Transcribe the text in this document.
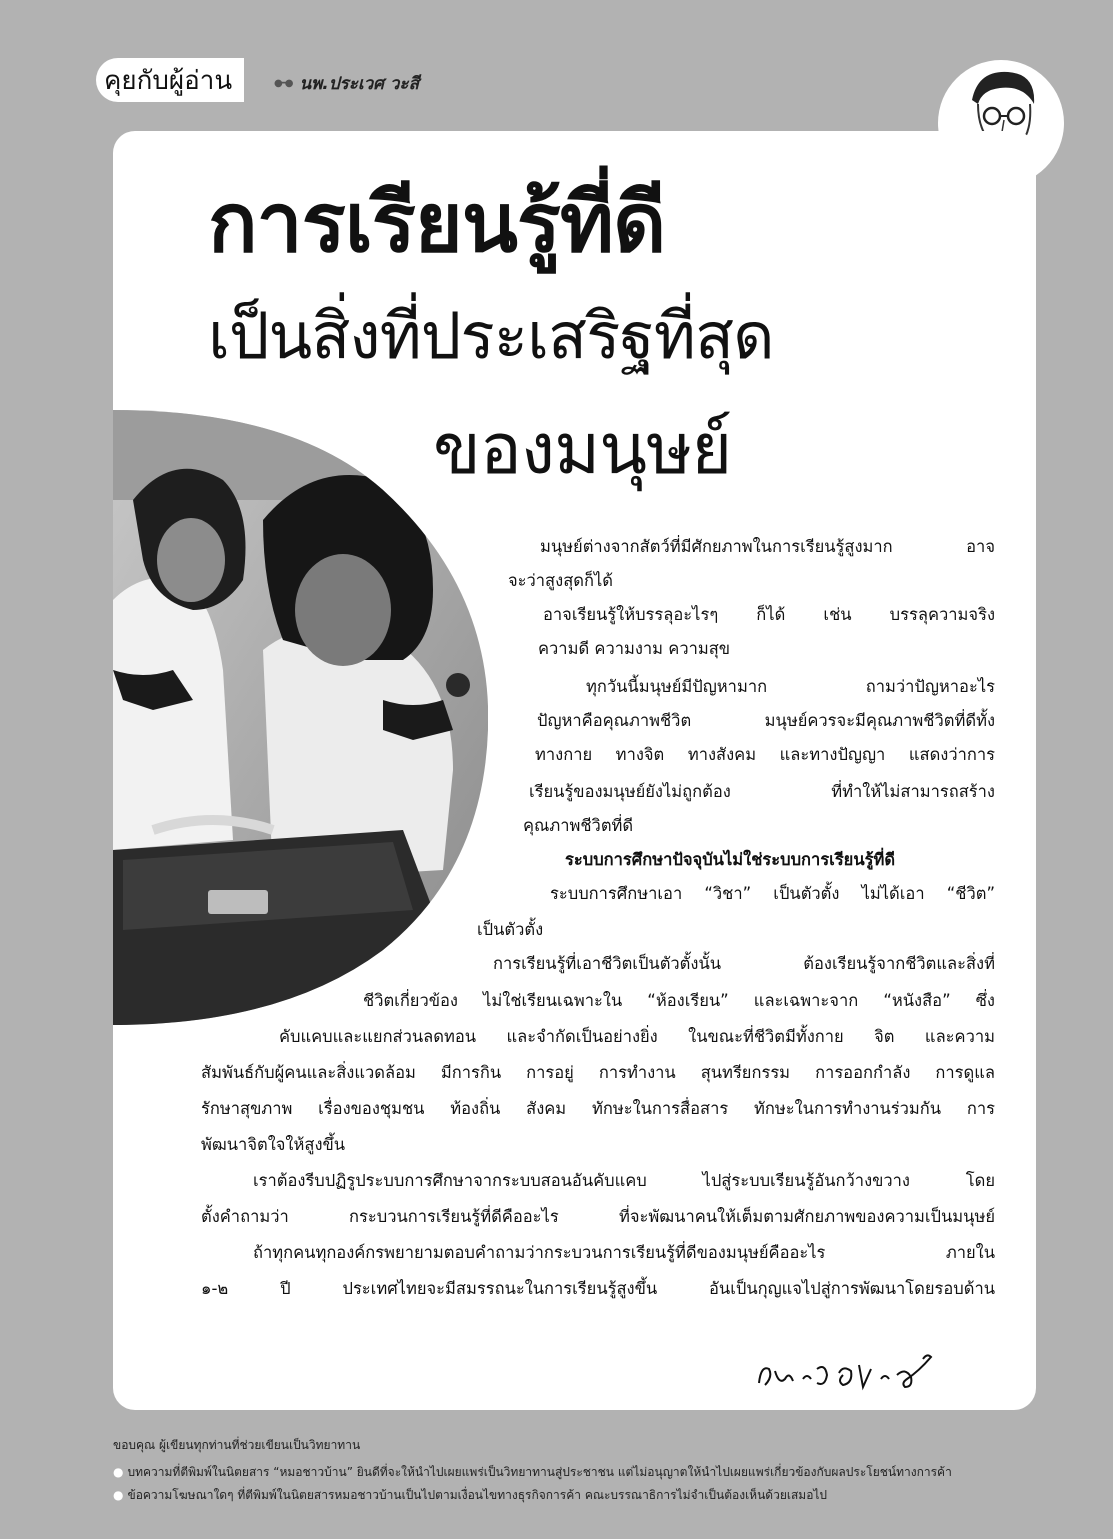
คุยกับผู้อ่าน	●━● นพ.ประเวศ วะสี
การเรียนรู้ที่ดี
เป็นสิ่งที่ประเสริฐที่สุด
ของมนุษย์
มนุษย์ต่างจากสัตว์ที่มีศักยภาพในการเรียนรู้สูงมาก อาจ
จะว่าสูงสุดก็ได้
อาจเรียนรู้ให้บรรลุอะไรๆ ก็ได้ เช่น บรรลุความจริง
ความดี ความงาม ความสุข
ทุกวันนี้มนุษย์มีปัญหามาก ถามว่าปัญหาอะไร
ปัญหาคือคุณภาพชีวิต มนุษย์ควรจะมีคุณภาพชีวิตที่ดีทั้ง
ทางกาย ทางจิต ทางสังคม และทางปัญญา แสดงว่าการ
เรียนรู้ของมนุษย์ยังไม่ถูกต้อง ที่ทำให้ไม่สามารถสร้าง
คุณภาพชีวิตที่ดี
ระบบการศึกษาปัจจุบันไม่ใช่ระบบการเรียนรู้ที่ดี
ระบบการศึกษาเอา “วิชา” เป็นตัวตั้ง ไม่ได้เอา “ชีวิต”
เป็นตัวตั้ง
การเรียนรู้ที่เอาชีวิตเป็นตัวตั้งนั้น ต้องเรียนรู้จากชีวิตและสิ่งที่
ชีวิตเกี่ยวข้อง ไม่ใช่เรียนเฉพาะใน “ห้องเรียน” และเฉพาะจาก “หนังสือ” ซึ่ง
คับแคบและแยกส่วนลดทอน และจำกัดเป็นอย่างยิ่ง ในขณะที่ชีวิตมีทั้งกาย จิต และความ
สัมพันธ์กับผู้คนและสิ่งแวดล้อม มีการกิน การอยู่ การทำงาน สุนทรียกรรม การออกกำลัง การดูแล
รักษาสุขภาพ เรื่องของชุมชน ท้องถิ่น สังคม ทักษะในการสื่อสาร ทักษะในการทำงานร่วมกัน การ
พัฒนาจิตใจให้สูงขึ้น
เราต้องรีบปฏิรูประบบการศึกษาจากระบบสอนอันคับแคบ ไปสู่ระบบเรียนรู้อันกว้างขวาง โดย
ตั้งคำถามว่า กระบวนการเรียนรู้ที่ดีคืออะไร ที่จะพัฒนาคนให้เต็มตามศักยภาพของความเป็นมนุษย์
ถ้าทุกคนทุกองค์กรพยายามตอบคำถามว่ากระบวนการเรียนรู้ที่ดีของมนุษย์คืออะไร ภายใน
๑-๒ ปี ประเทศไทยจะมีสมรรถนะในการเรียนรู้สูงขึ้น อันเป็นกุญแจไปสู่การพัฒนาโดยรอบด้าน
ขอบคุณ ผู้เขียนทุกท่านที่ช่วยเขียนเป็นวิทยาทาน
● บทความที่ตีพิมพ์ในนิตยสาร “หมอชาวบ้าน” ยินดีที่จะให้นำไปเผยแพร่เป็นวิทยาทานสู่ประชาชน แต่ไม่อนุญาตให้นำไปเผยแพร่เกี่ยวข้องกับผลประโยชน์ทางการค้า
● ข้อความโฆษณาใดๆ ที่ตีพิมพ์ในนิตยสารหมอชาวบ้านเป็นไปตามเงื่อนไขทางธุรกิจการค้า คณะบรรณาธิการไม่จำเป็นต้องเห็นด้วยเสมอไป
